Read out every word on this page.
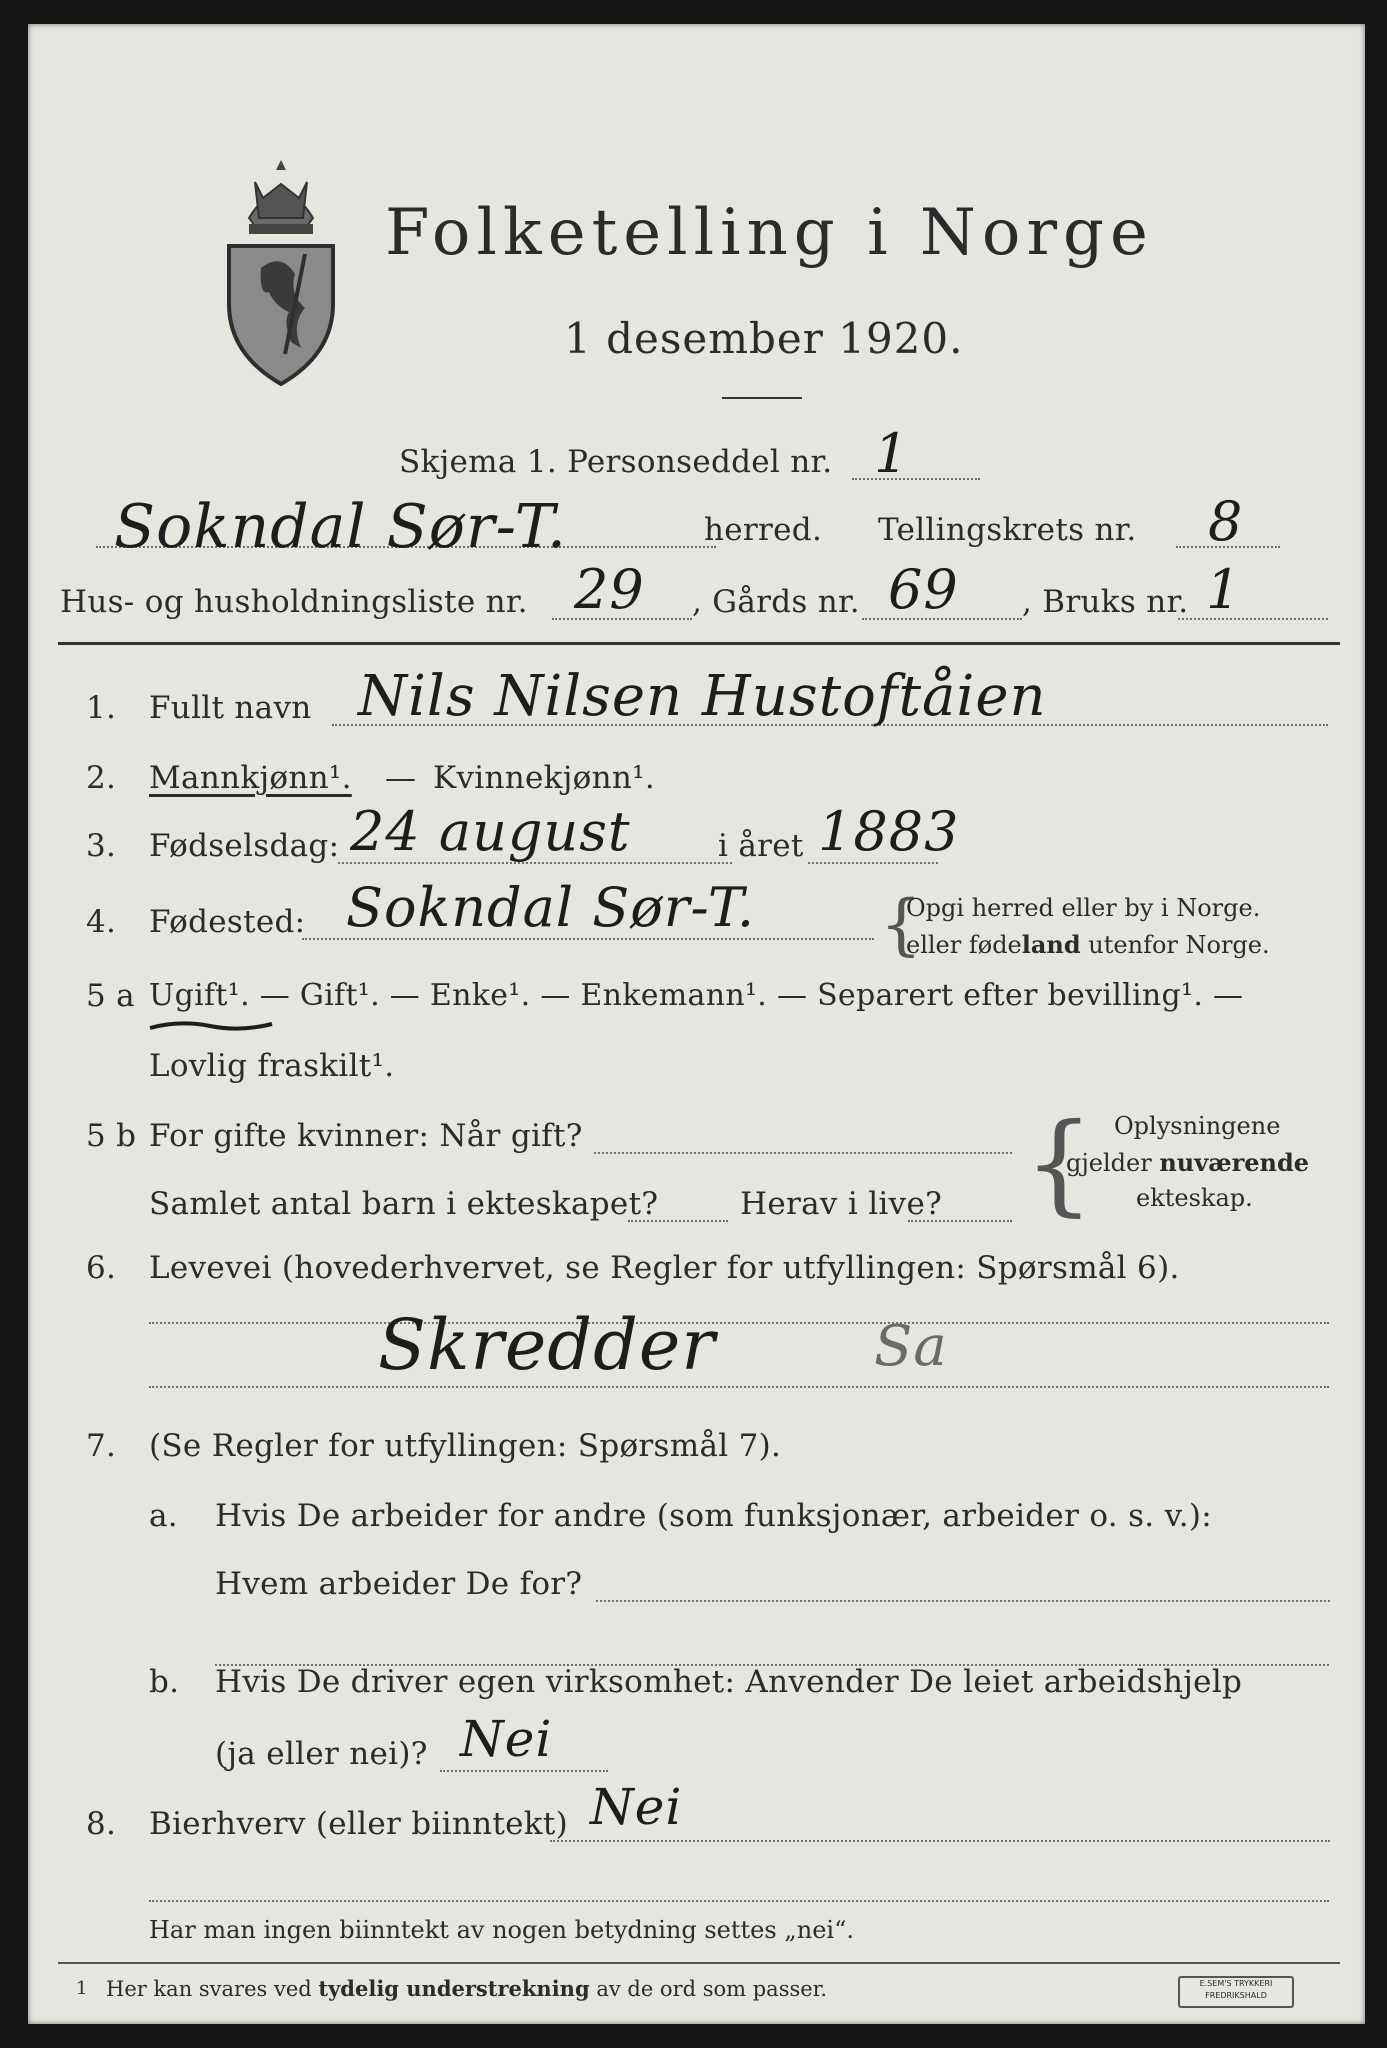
Folketelling i Norge
1 desember 1920.
Skjema 1. Personseddel nr. 1
Sokndal Sør-T.	herred. Tellingskrets nr. 8
Hus- og husholdningsliste nr. 29 , Gårds nr. 69 , Bruks nr. 1
1. Fullt navn Nils Nilsen Hustoftåien
2. Mannkjønn¹. — Kvinnekjønn¹.
3. Fødselsdag: 24 august	i året 1883
4. Fødested: Sokndal Sør-T. {
Opgi herred eller by i Norge.
eller fødeland utenfor Norge.
5 a Ugift¹. — Gift¹. — Enke¹. — Enkemann¹. — Separert efter bevilling¹. —
Lovlig fraskilt¹.
5 b For gifte kvinner: Når gift?
Samlet antal barn i ekteskapet?	Herav i live? { Oplysningene
gjelder nuværende
ekteskap.
6. Levevei (hovederhvervet, se Regler for utfyllingen: Spørsmål 6).
Skredder	Sa
7. (Se Regler for utfyllingen: Spørsmål 7).
a. Hvis De arbeider for andre (som funksjonær, arbeider o. s. v.):
Hvem arbeider De for?
b. Hvis De driver egen virksomhet: Anvender De leiet arbeidshjelp
(ja eller nei)? Nei
8. Bierhverv (eller biinntekt) Nei
Har man ingen biinntekt av nogen betydning settes „nei“.
1 Her kan svares ved tydelig understrekning av de ord som passer.	E.SEM'S TRYKKERI
FREDRIKSHALD
